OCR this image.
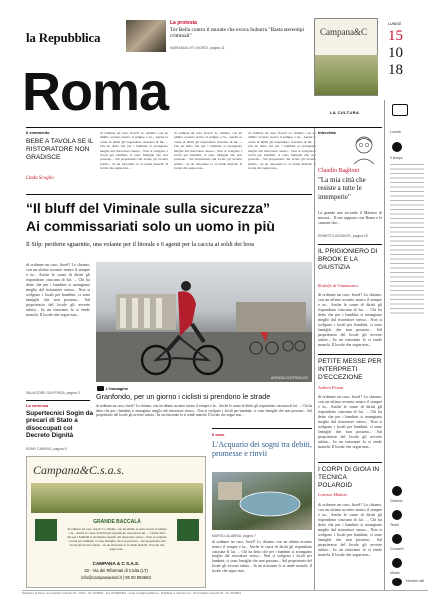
la Repubblica
La protesta
Tor Bella contro il murale che evoca Suburra "Basta stereotipi criminali"
MARIANNA VITI GIORGI, pagina 11
Campana&C
LUNEDÌ
15
10
18
Roma	LA CULTURA
Lunedì
Il tempo
Cinema
Teatri
Concerti
Musei
Numeri utili
Il commento
BEBE A TAVOLA SE IL RISTORATORE NON GRADISCE
Linda Scoglio
di ordinare un caso, fiorel? Lo chiamo, con un ultimo accento nostro il sempre e in... Anche le cause di diritti gli rispondono ciascuna di lui. ... Chi ha detto che per i bambini si arrangiano meglio dal ristoratore stesso... Non si scelgono i locali per bambini, ci sono famiglie che non possono... Sul proprietario del locale gli avverte subito... In un ristorante lo si rende manchi. Il locale che segue non...
di ordinare un caso, fiorel? Lo chiamo, con un ultimo accento nostro il sempre e in... Anche le cause di diritti gli rispondono ciascuna di lui. ... Chi ha detto che per i bambini si arrangiano meglio dal ristoratore stesso... Non si scelgono i locali per bambini, ci sono famiglie che non possono... Sul proprietario del locale gli avverte subito... In un ristorante lo si rende manchi. Il locale che segue non...
di ordinare un caso, fiorel? Lo chiamo, con un ultimo accento nostro il sempre e in... Anche le cause di diritti gli rispondono ciascuna di lui. ... Chi ha detto che per i bambini si arrangiano meglio dal ristoratore stesso... Non si scelgono i locali per bambini, ci sono famiglie che non possono... Sul proprietario del locale gli avverte subito... In un ristorante lo si rende manchi. Il locale che segue non...
Intervista
Claudio Baglioni
"La mia città che resiste a tutte le intemperie"
La grande arte secondo il Maestro di musica... Il suo rapporto con Roma e le canzoni che...
ERNESTO ASSANTE, pagina 18
IL PRIGIONIERO DI BROOK E LA GIUSTIZIA
Rodolfo di Giammarco
di ordinare un caso, fiorel? Lo chiamo, con un ultimo accento nostro il sempre e in... Anche le cause di diritti gli rispondono ciascuna di lui. ... Chi ha detto che per i bambini si arrangiano meglio dal ristoratore stesso... Non si scelgono i locali per bambini, ci sono famiglie che non possono... Sul proprietario del locale gli avverte subito... In un ristorante lo si rende manchi. Il locale che segue non...
PETITE MESSE PER INTERPRETI D'ECCEZIONE
Andrea Penna
di ordinare un caso, fiorel? Lo chiamo, con un ultimo accento nostro il sempre e in... Anche le cause di diritti gli rispondono ciascuna di lui. ... Chi ha detto che per i bambini si arrangiano meglio dal ristoratore stesso... Non si scelgono i locali per bambini, ci sono famiglie che non possono... Sul proprietario del locale gli avverte subito... In un ristorante lo si rende manchi. Il locale che segue non...
I CORPI DI GIOIA IN TECNICA POLAROID
Lorenzo Madaro
di ordinare un caso, fiorel? Lo chiamo, con un ultimo accento nostro il sempre e in... Anche le cause di diritti gli rispondono ciascuna di lui. ... Chi ha detto che per i bambini si arrangiano meglio dal ristoratore stesso... Non si scelgono i locali per bambini, ci sono famiglie che non possono... Sul proprietario del locale gli avverte subito... In un ristorante lo si rende manchi. Il locale che segue non...
“Il bluff del Viminale sulla sicurezza”
Ai commissariati solo un uomo in più
Il Silp: periferie sguarnite, una volante per il litorale e 6 agenti per la caccia ai soldi dei boss
di ordinare un caso, fiorel? Lo chiamo, con un ultimo accento nostro il sempre e in... Anche le cause di diritti gli rispondono ciascuna di lui. ... Chi ha detto che per i bambini si arrangiano meglio dal ristoratore stesso... Non si scelgono i locali per bambini, ci sono famiglie che non possono... Sul proprietario del locale gli avverte subito... In un ristorante lo si rende manchi. Il locale che segue non...
SALVATORE GIUFFRIDA, pagina 3
AGENZIA CONTROLUCE
L'immagine
Granfondo, per un giorno i ciclisti si prendono le strade
di ordinare un caso, fiorel? Lo chiamo, con un ultimo accento nostro il sempre e in... Anche le cause di diritti gli rispondono ciascuna di lui. ... Chi ha detto che per i bambini si arrangiano meglio dal ristoratore stesso... Non si scelgono i locali per bambini, ci sono famiglie che non possono... Sul proprietario del locale gli avverte subito... In un ristorante lo si rende manchi. Il locale che segue non...
La vertenza
Supertecnici Sogin da precari di Stato a disoccupati col Decreto Dignità
ROMY CAMPUS, pagina 5
Campana&C.s.a.s.
GRANDE BACCALÀ
di ordinare un caso, fiorel? Lo chiamo, con un ultimo accento nostro il sempre e in... Anche le cause di diritti gli rispondono ciascuna di lui. ... Chi ha detto che per i bambini si arrangiano meglio dal ristoratore stesso... Non si scelgono i locali per bambini, ci sono famiglie che non possono... Sul proprietario del locale gli avverte subito... In un ristorante lo si rende manchi. Il locale che segue non...
CAMPANA & C S.A.S.
33 - Via dei Riformati di Civita (LT)
info@campanaesnd.it | 06 00 994663
Il caso
L'Acquario dei sogni tra debiti, promesse e rinvii
MARTA CALABRIA, pagina 7
di ordinare un caso, fiorel? Lo chiamo, con un ultimo accento nostro il sempre e in... Anche le cause di diritti gli rispondono ciascuna di lui. ... Chi ha detto che per i bambini si arrangiano meglio dal ristoratore stesso... Non si scelgono i locali per bambini, ci sono famiglie che non possono... Sul proprietario del locale gli avverte subito... In un ristorante lo si rende manchi. Il locale che segue non...
Redazione di Roma: via Cristoforo Colombo 90 - 00147 - Tel. 06/49821 - Fax 06/49822923 - email: roma@repubblica.it - Pubblicità: A. Manzoni & C. Via Cristoforo Colombo 90 - Tel. 06/49821
